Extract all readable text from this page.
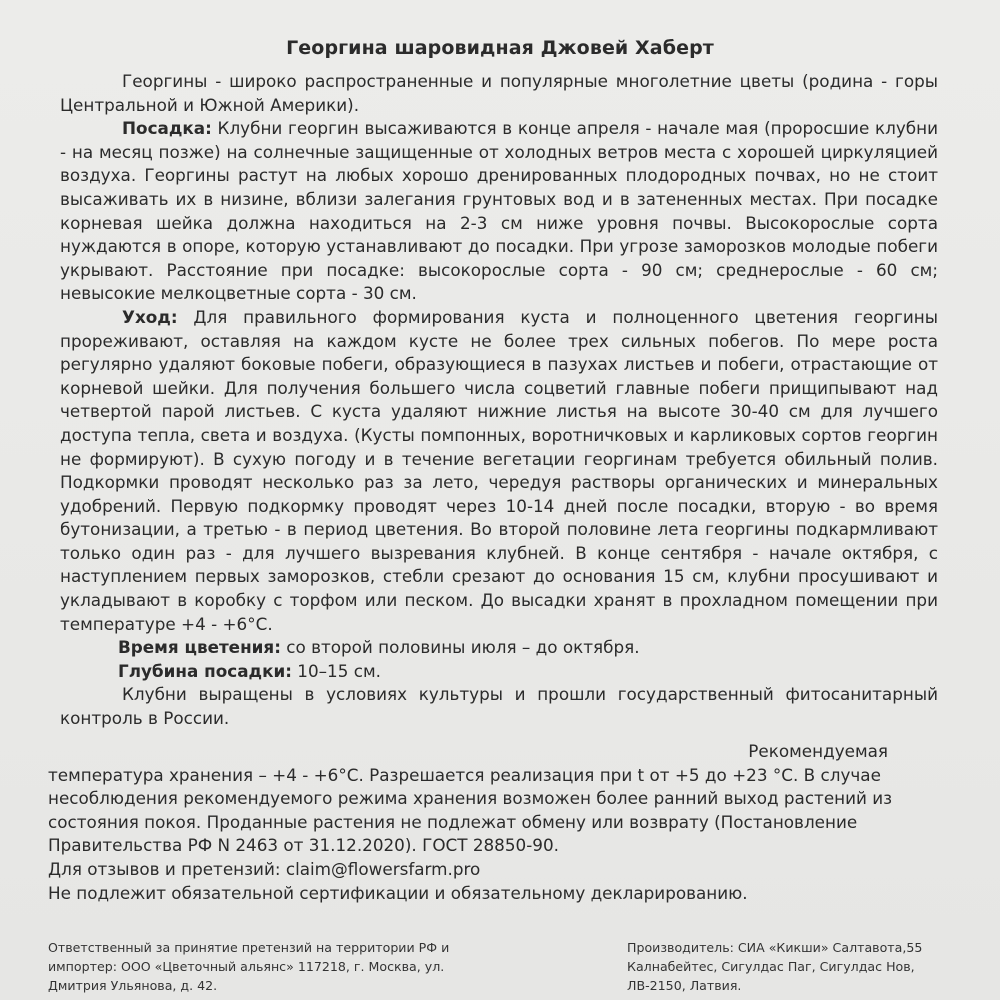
Георгина шаровидная Джовей Хаберт

Георгины - широко распространенные и популярные многолетние цветы (родина - горы Центральной и Южной Америки).

Посадка: Клубни георгин высаживаются в конце апреля - начале мая (проросшие клубни - на месяц позже) на солнечные защищенные от холодных ветров места с хорошей циркуляцией воздуха. Георгины растут на любых хорошо дренированных плодородных почвах, но не стоит высаживать их в низине, вблизи залегания грунтовых вод и в затененных местах. При посадке корневая шейка должна находиться на 2-3 см ниже уровня почвы. Высокорослые сорта нуждаются в опоре, которую устанавливают до посадки. При угрозе заморозков молодые побеги укрывают. Расстояние при посадке: высокорослые сорта - 90 см; среднерослые - 60 см; невысокие мелкоцветные сорта - 30 см.

Уход: Для правильного формирования куста и полноценного цветения георгины прореживают, оставляя на каждом кусте не более трех сильных побегов. По мере роста регулярно удаляют боковые побеги, образующиеся в пазухах листьев и побеги, отрастающие от корневой шейки. Для получения большего числа соцветий главные побеги прищипывают над четвертой парой листьев. С куста удаляют нижние листья на высоте 30-40 см для лучшего доступа тепла, света и воздуха. (Кусты помпонных, воротничковых и карликовых сортов георгин не формируют). В сухую погоду и в течение вегетации георгинам требуется обильный полив. Подкормки проводят несколько раз за лето, чередуя растворы органических и минеральных удобрений. Первую подкормку проводят через 10-14 дней после посадки, вторую - во время бутонизации, а третью - в период цветения. Во второй половине лета георгины подкармливают только один раз - для лучшего вызревания клубней. В конце сентября - начале октября, с наступлением первых заморозков, стебли срезают до основания 15 см, клубни просушивают и укладывают в коробку с торфом или песком. До высадки хранят в прохладном помещении при температуре +4 - +6°С.

Время цветения: со второй половины июля – до октября.

Глубина посадки: 10–15 см.

Клубни выращены в условиях культуры и прошли государственный фитосанитарный контроль в России.

Рекомендуемая

температура хранения – +4 - +6°С. Разрешается реализация при t от +5 до +23 °С. В случае несоблюдения рекомендуемого режима хранения возможен более ранний выход растений из состояния покоя. Проданные растения не подлежат обмену или возврату (Постановление Правительства РФ N 2463 от 31.12.2020). ГОСТ 28850-90.

Для отзывов и претензий: claim@flowersfarm.pro

Не подлежит обязательной сертификации и обязательному декларированию.

Ответственный за принятие претензий на территории РФ и импортер: ООО «Цветочный альянс» 117218, г. Москва, ул. Дмитрия Ульянова, д. 42.
Производитель: СИА «Кикши» Салтавота,55 Калнабейтес, Сигулдас Паг, Сигулдас Нов, ЛВ-2150, Латвия.
